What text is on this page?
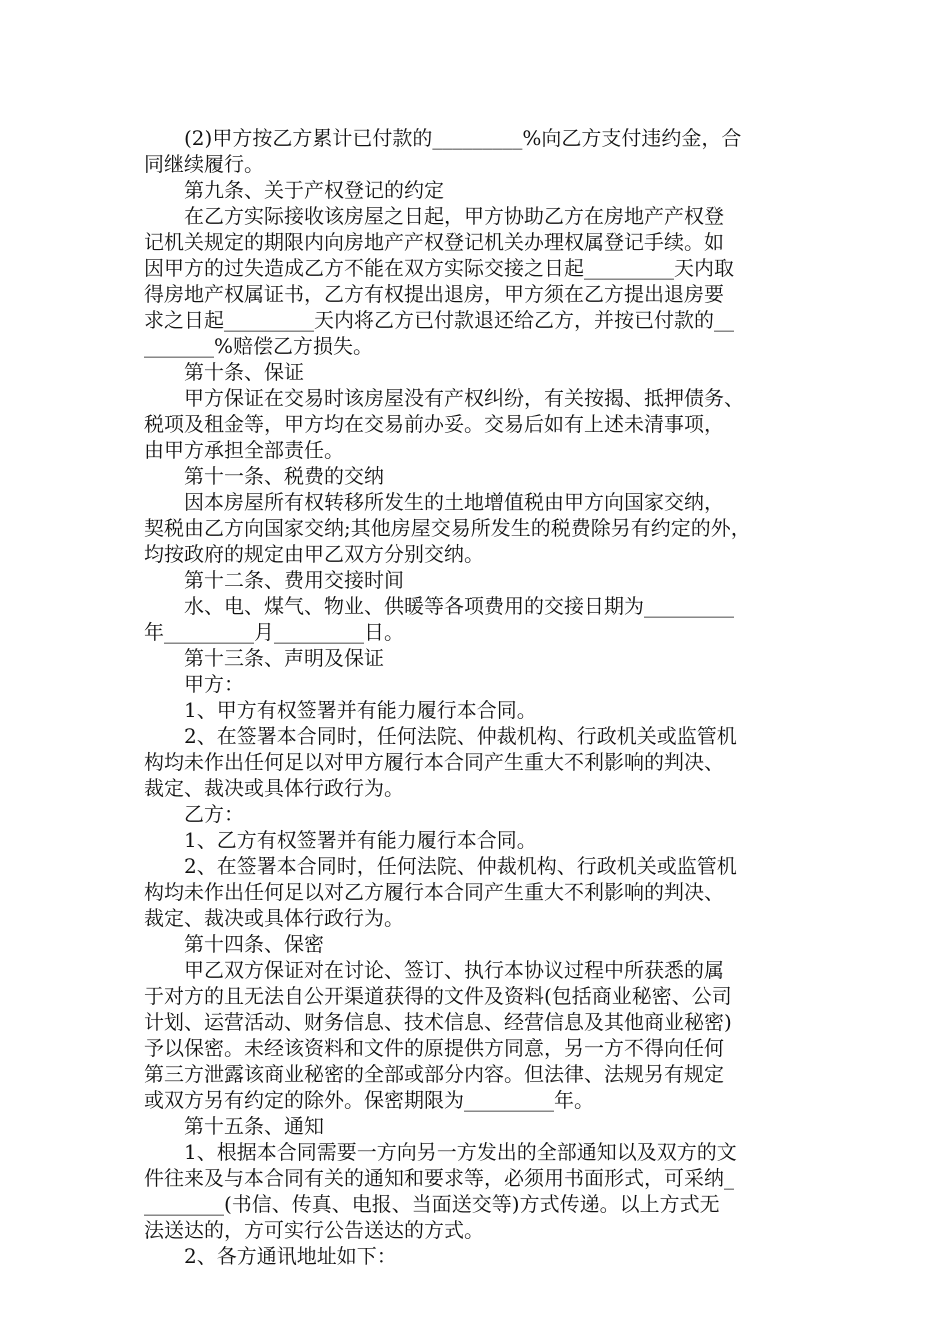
　　(2)甲方按乙方累计已付款的_________%向乙方支付违约金，合
同继续履行。
　　第九条、关于产权登记的约定
　　在乙方实际接收该房屋之日起，甲方协助乙方在房地产产权登
记机关规定的期限内向房地产产权登记机关办理权属登记手续。如
因甲方的过失造成乙方不能在双方实际交接之日起_________天内取
得房地产权属证书，乙方有权提出退房，甲方须在乙方提出退房要
求之日起_________天内将乙方已付款退还给乙方，并按已付款的__
_______%赔偿乙方损失。
　　第十条、保证
　　甲方保证在交易时该房屋没有产权纠纷，有关按揭、抵押债务、
税项及租金等，甲方均在交易前办妥。交易后如有上述未清事项，
由甲方承担全部责任。
　　第十一条、税费的交纳
　　因本房屋所有权转移所发生的土地增值税由甲方向国家交纳，
契税由乙方向国家交纳;其他房屋交易所发生的税费除另有约定的外，
均按政府的规定由甲乙双方分别交纳。
　　第十二条、费用交接时间
　　水、电、煤气、物业、供暖等各项费用的交接日期为_________
年_________月_________日。
　　第十三条、声明及保证
　　甲方：
　　1、甲方有权签署并有能力履行本合同。
　　2、在签署本合同时，任何法院、仲裁机构、行政机关或监管机
构均未作出任何足以对甲方履行本合同产生重大不利影响的判决、
裁定、裁决或具体行政行为。
　　乙方：
　　1、乙方有权签署并有能力履行本合同。
　　2、在签署本合同时，任何法院、仲裁机构、行政机关或监管机
构均未作出任何足以对乙方履行本合同产生重大不利影响的判决、
裁定、裁决或具体行政行为。
　　第十四条、保密
　　甲乙双方保证对在讨论、签订、执行本协议过程中所获悉的属
于对方的且无法自公开渠道获得的文件及资料(包括商业秘密、公司
计划、运营活动、财务信息、技术信息、经营信息及其他商业秘密)
予以保密。未经该资料和文件的原提供方同意，另一方不得向任何
第三方泄露该商业秘密的全部或部分内容。但法律、法规另有规定
或双方另有约定的除外。保密期限为_________年。
　　第十五条、通知
　　1、根据本合同需要一方向另一方发出的全部通知以及双方的文
件往来及与本合同有关的通知和要求等，必须用书面形式，可采纳_
________(书信、传真、电报、当面送交等)方式传递。以上方式无
法送达的，方可实行公告送达的方式。
　　2、各方通讯地址如下：
